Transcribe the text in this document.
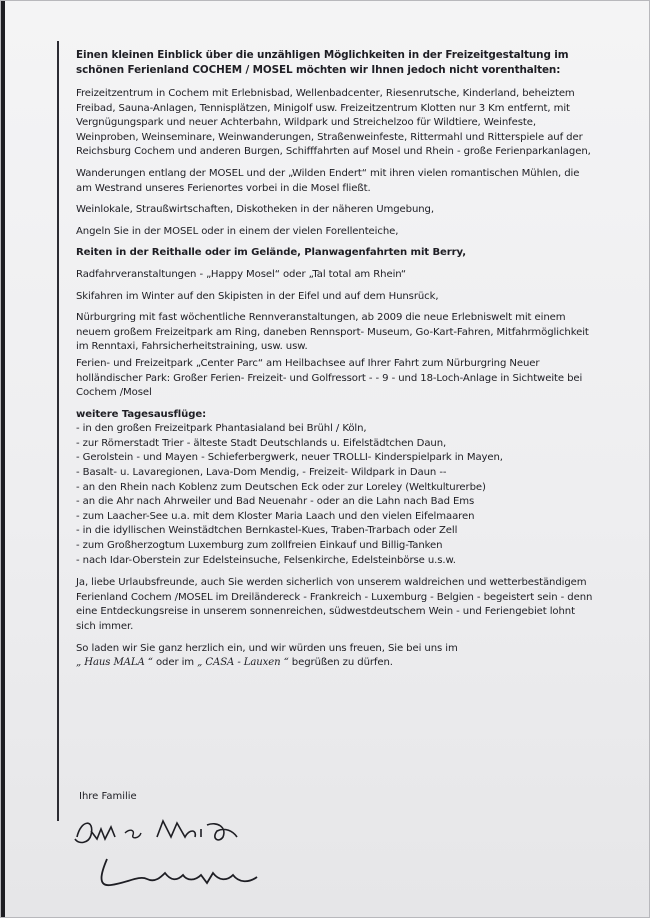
Einen kleinen Einblick über die unzähligen Möglichkeiten in der Freizeitgestaltung im schönen Ferienland COCHEM / MOSEL möchten wir Ihnen jedoch nicht vorenthalten:

Freizeitzentrum in Cochem mit Erlebnisbad, Wellenbadcenter, Riesenrutsche, Kinderland, beheiztem Freibad, Sauna-Anlagen, Tennisplätzen, Minigolf usw. Freizeitzentrum Klotten nur 3 Km entfernt, mit Vergnügungspark und neuer Achterbahn, Wildpark und Streichelzoo für Wildtiere, Weinfeste, Weinproben, Weinseminare, Weinwanderungen, Straßenweinfeste, Rittermahl und Ritterspiele auf der Reichsburg Cochem und anderen Burgen, Schifffahrten auf Mosel und Rhein - große Ferienparkanlagen,

Wanderungen entlang der MOSEL und der „Wilden Endert“ mit ihren vielen romantischen Mühlen, die am Westrand unseres Ferienortes vorbei in die Mosel fließt.

Weinlokale, Straußwirtschaften, Diskotheken in der näheren Umgebung,

Angeln Sie in der MOSEL oder in einem der vielen Forellenteiche,

Reiten in der Reithalle oder im Gelände, Planwagenfahrten mit Berry,

Radfahrveranstaltungen - „Happy Mosel“ oder „Tal total am Rhein“

Skifahren im Winter auf den Skipisten in der Eifel und auf dem Hunsrück,

Nürburgring mit fast wöchentliche Rennveranstaltungen, ab 2009 die neue Erlebniswelt mit einem neuem großem Freizeitpark am Ring, daneben Rennsport- Museum, Go-Kart-Fahren, Mitfahrmöglichkeit im Renntaxi, Fahrsicherheitstraining, usw. usw.

Ferien- und Freizeitpark „Center Parc“ am Heilbachsee auf Ihrer Fahrt zum Nürburgring Neuer holländischer Park: Großer Ferien- Freizeit- und Golfressort - - 9 - und 18-Loch-Anlage in Sichtweite bei Cochem /Mosel

weitere Tagesausflüge:
- in den großen Freizeitpark Phantasialand bei Brühl / Köln,
- zur Römerstadt Trier - älteste Stadt Deutschlands u. Eifelstädtchen Daun,
- Gerolstein - und Mayen - Schieferbergwerk, neuer TROLLI- Kinderspielpark in Mayen,
- Basalt- u. Lavaregionen, Lava-Dom Mendig, - Freizeit- Wildpark in Daun --
- an den Rhein nach Koblenz zum Deutschen Eck oder zur Loreley (Weltkulturerbe)
- an die Ahr nach Ahrweiler und Bad Neuenahr - oder an die Lahn nach Bad Ems
- zum Laacher-See u.a. mit dem Kloster Maria Laach und den vielen Eifelmaaren
- in die idyllischen Weinstädtchen Bernkastel-Kues, Traben-Trarbach oder Zell
- zum Großherzogtum Luxemburg zum zollfreien Einkauf und Billig-Tanken
- nach Idar-Oberstein zur Edelsteinsuche, Felsenkirche, Edelsteinbörse u.s.w.

Ja, liebe Urlaubsfreunde, auch Sie werden sicherlich von unserem waldreichen und wetterbeständigem Ferienland Cochem /MOSEL im Dreiländereck - Frankreich - Luxemburg - Belgien - begeistert sein - denn eine Entdeckungsreise in unserem sonnenreichen, südwestdeutschem Wein - und Feriengebiet lohnt sich immer.

So laden wir Sie ganz herzlich ein, und wir würden uns freuen, Sie bei uns im
„ Haus MALA “ oder im „ CASA - Lauxen “ begrüßen zu dürfen.

Ihre Familie
